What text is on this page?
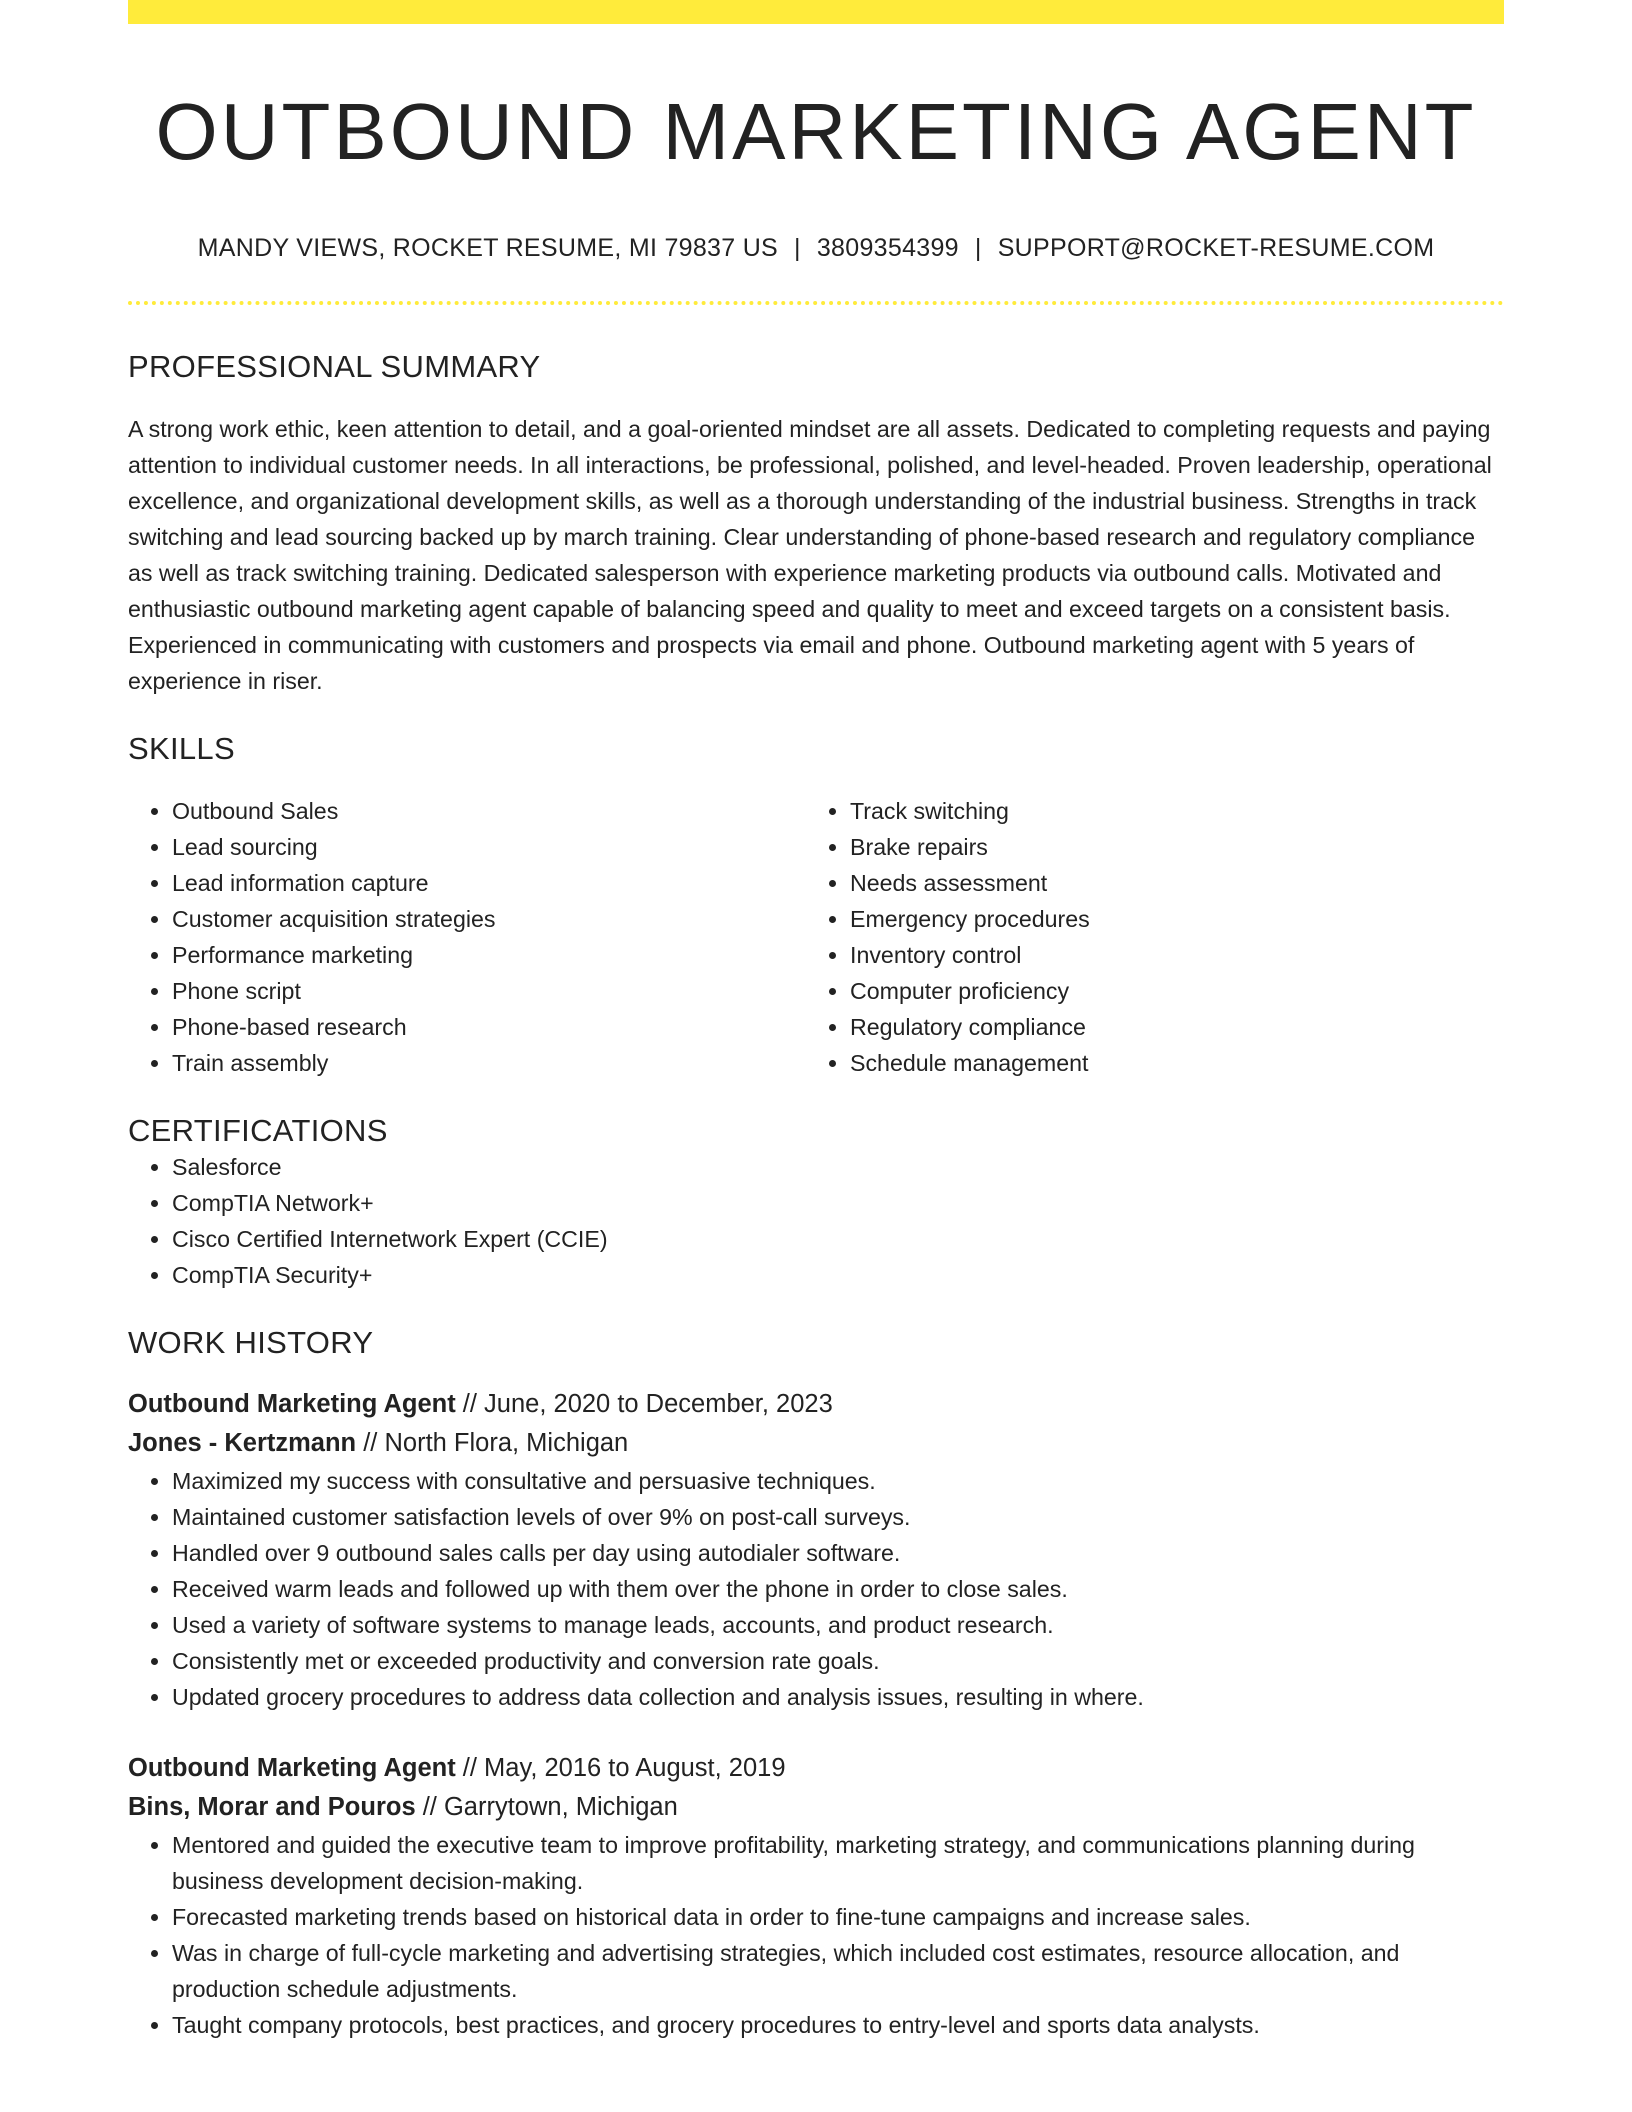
OUTBOUND MARKETING AGENT
MANDY VIEWS, ROCKET RESUME, MI 79837 US | 3809354399 | SUPPORT@ROCKET-RESUME.COM
PROFESSIONAL SUMMARY
A strong work ethic, keen attention to detail, and a goal-oriented mindset are all assets. Dedicated to completing requests and paying attention to individual customer needs. In all interactions, be professional, polished, and level-headed. Proven leadership, operational excellence, and organizational development skills, as well as a thorough understanding of the industrial business. Strengths in track switching and lead sourcing backed up by march training. Clear understanding of phone-based research and regulatory compliance as well as track switching training. Dedicated salesperson with experience marketing products via outbound calls. Motivated and enthusiastic outbound marketing agent capable of balancing speed and quality to meet and exceed targets on a consistent basis. Experienced in communicating with customers and prospects via email and phone. Outbound marketing agent with 5 years of experience in riser.
SKILLS
• Outbound Sales
• Lead sourcing
• Lead information capture
• Customer acquisition strategies
• Performance marketing
• Phone script
• Phone-based research
• Train assembly
• Track switching
• Brake repairs
• Needs assessment
• Emergency procedures
• Inventory control
• Computer proficiency
• Regulatory compliance
• Schedule management
CERTIFICATIONS
• Salesforce
• CompTIA Network+
• Cisco Certified Internetwork Expert (CCIE)
• CompTIA Security+
WORK HISTORY
Outbound Marketing Agent // June, 2020 to December, 2023
Jones - Kertzmann // North Flora, Michigan
• Maximized my success with consultative and persuasive techniques.
• Maintained customer satisfaction levels of over 9% on post-call surveys.
• Handled over 9 outbound sales calls per day using autodialer software.
• Received warm leads and followed up with them over the phone in order to close sales.
• Used a variety of software systems to manage leads, accounts, and product research.
• Consistently met or exceeded productivity and conversion rate goals.
• Updated grocery procedures to address data collection and analysis issues, resulting in where.
Outbound Marketing Agent // May, 2016 to August, 2019
Bins, Morar and Pouros // Garrytown, Michigan
• Mentored and guided the executive team to improve profitability, marketing strategy, and communications planning during business development decision-making.
• Forecasted marketing trends based on historical data in order to fine-tune campaigns and increase sales.
• Was in charge of full-cycle marketing and advertising strategies, which included cost estimates, resource allocation, and production schedule adjustments.
• Taught company protocols, best practices, and grocery procedures to entry-level and sports data analysts.
